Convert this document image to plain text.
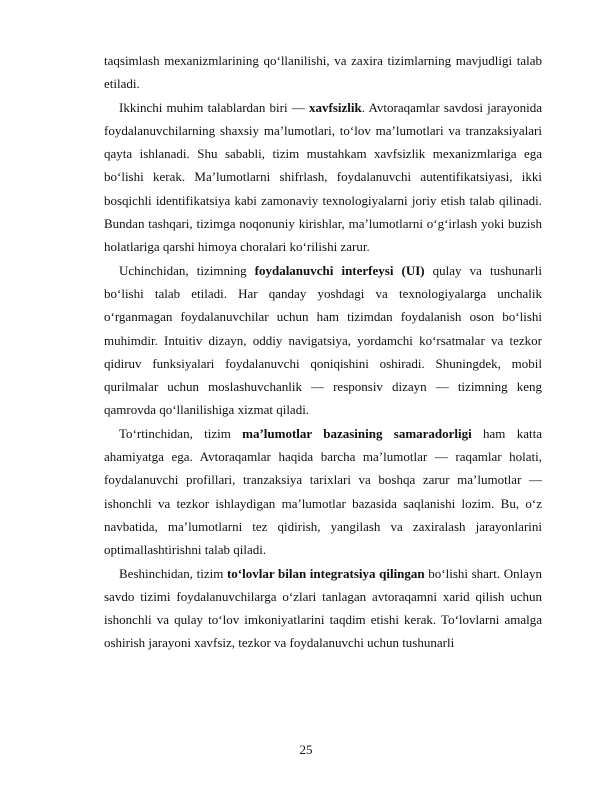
taqsimlash mexanizmlarining qo‘llanilishi, va zaxira tizimlarning mavjudligi talab etiladi.

Ikkinchi muhim talablardan biri — xavfsizlik. Avtoraqamlar savdosi jarayonida foydalanuvchilarning shaxsiy ma’lumotlari, to‘lov ma’lumotlari va tranzaksiyalari qayta ishlanadi. Shu sababli, tizim mustahkam xavfsizlik mexanizmlariga ega bo‘lishi kerak. Ma’lumotlarni shifrlash, foydalanuvchi autentifikatsiyasi, ikki bosqichli identifikatsiya kabi zamonaviy texnologiyalarni joriy etish talab qilinadi. Bundan tashqari, tizimga noqonuniy kirishlar, ma’lumotlarni o‘g‘irlash yoki buzish holatlariga qarshi himoya choralari ko‘rilishi zarur.

Uchinchidan, tizimning foydalanuvchi interfeysi (UI) qulay va tushunarli bo‘lishi talab etiladi. Har qanday yoshdagi va texnologiyalarga unchalik o‘rganmagan foydalanuvchilar uchun ham tizimdan foydalanish oson bo‘lishi muhimdir. Intuitiv dizayn, oddiy navigatsiya, yordamchi ko‘rsatmalar va tezkor qidiruv funksiyalari foydalanuvchi qoniqishini oshiradi. Shuningdek, mobil qurilmalar uchun moslashuvchanlik — responsiv dizayn — tizimning keng qamrovda qo‘llanilishiga xizmat qiladi.

To‘rtinchidan, tizim ma’lumotlar bazasining samaradorligi ham katta ahamiyatga ega. Avtoraqamlar haqida barcha ma’lumotlar — raqamlar holati, foydalanuvchi profillari, tranzaksiya tarixlari va boshqa zarur ma’lumotlar — ishonchli va tezkor ishlaydigan ma’lumotlar bazasida saqlanishi lozim. Bu, o‘z navbatida, ma’lumotlarni tez qidirish, yangilash va zaxiralash jarayonlarini optimallashtirishni talab qiladi.

Beshinchidan, tizim to‘lovlar bilan integratsiya qilingan bo‘lishi shart. Onlayn savdo tizimi foydalanuvchilarga o‘zlari tanlagan avtoraqamni xarid qilish uchun ishonchli va qulay to‘lov imkoniyatlarini taqdim etishi kerak. To‘lovlarni amalga oshirish jarayoni xavfsiz, tezkor va foydalanuvchi uchun tushunarli

25
